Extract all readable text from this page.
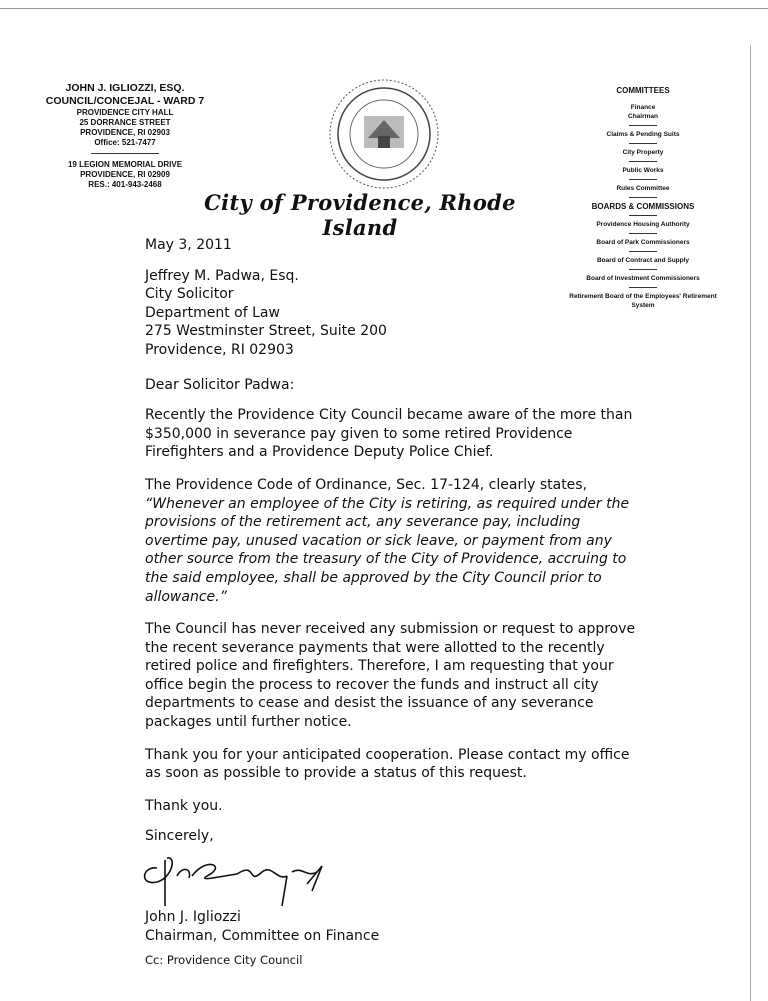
JOHN J. IGLIOZZI, ESQ.
COUNCIL/CONCEJAL - WARD 7
PROVIDENCE CITY HALL
25 DORRANCE STREET
PROVIDENCE, RI 02903
Office: 521-7477
19 LEGION MEMORIAL DRIVE
PROVIDENCE, RI 02909
RES.: 401-943-2468
City of Providence, Rhode Island
COMMITTEES
Finance
Chairman
Claims & Pending Suits
City Property
Public Works
Rules Committee
BOARDS & COMMISSIONS
Providence Housing Authority
Board of Park Commissioners
Board of Contract and Supply
Board of Investment Commissioners
Retirement Board of the Employees' Retirement System

May 3, 2011

Jeffrey M. Padwa, Esq.

City Solicitor

Department of Law

275 Westminster Street, Suite 200

Providence, RI 02903

Dear Solicitor Padwa:

Recently the Providence City Council became aware of the more than $350,000 in severance pay given to some retired Providence Firefighters and a Providence Deputy Police Chief.

The Providence Code of Ordinance, Sec. 17-124, clearly states, “Whenever an employee of the City is retiring, as required under the provisions of the retirement act, any severance pay, including overtime pay, unused vacation or sick leave, or payment from any other source from the treasury of the City of Providence, accruing to the said employee, shall be approved by the City Council prior to allowance.”

The Council has never received any submission or request to approve the recent severance payments that were allotted to the recently retired police and firefighters. Therefore, I am requesting that your office begin the process to recover the funds and instruct all city departments to cease and desist the issuance of any severance packages until further notice.

Thank you for your anticipated cooperation. Please contact my office as soon as possible to provide a status of this request.

Thank you.

Sincerely,

John J. Igliozzi

Chairman, Committee on Finance

Cc: Providence City Council
